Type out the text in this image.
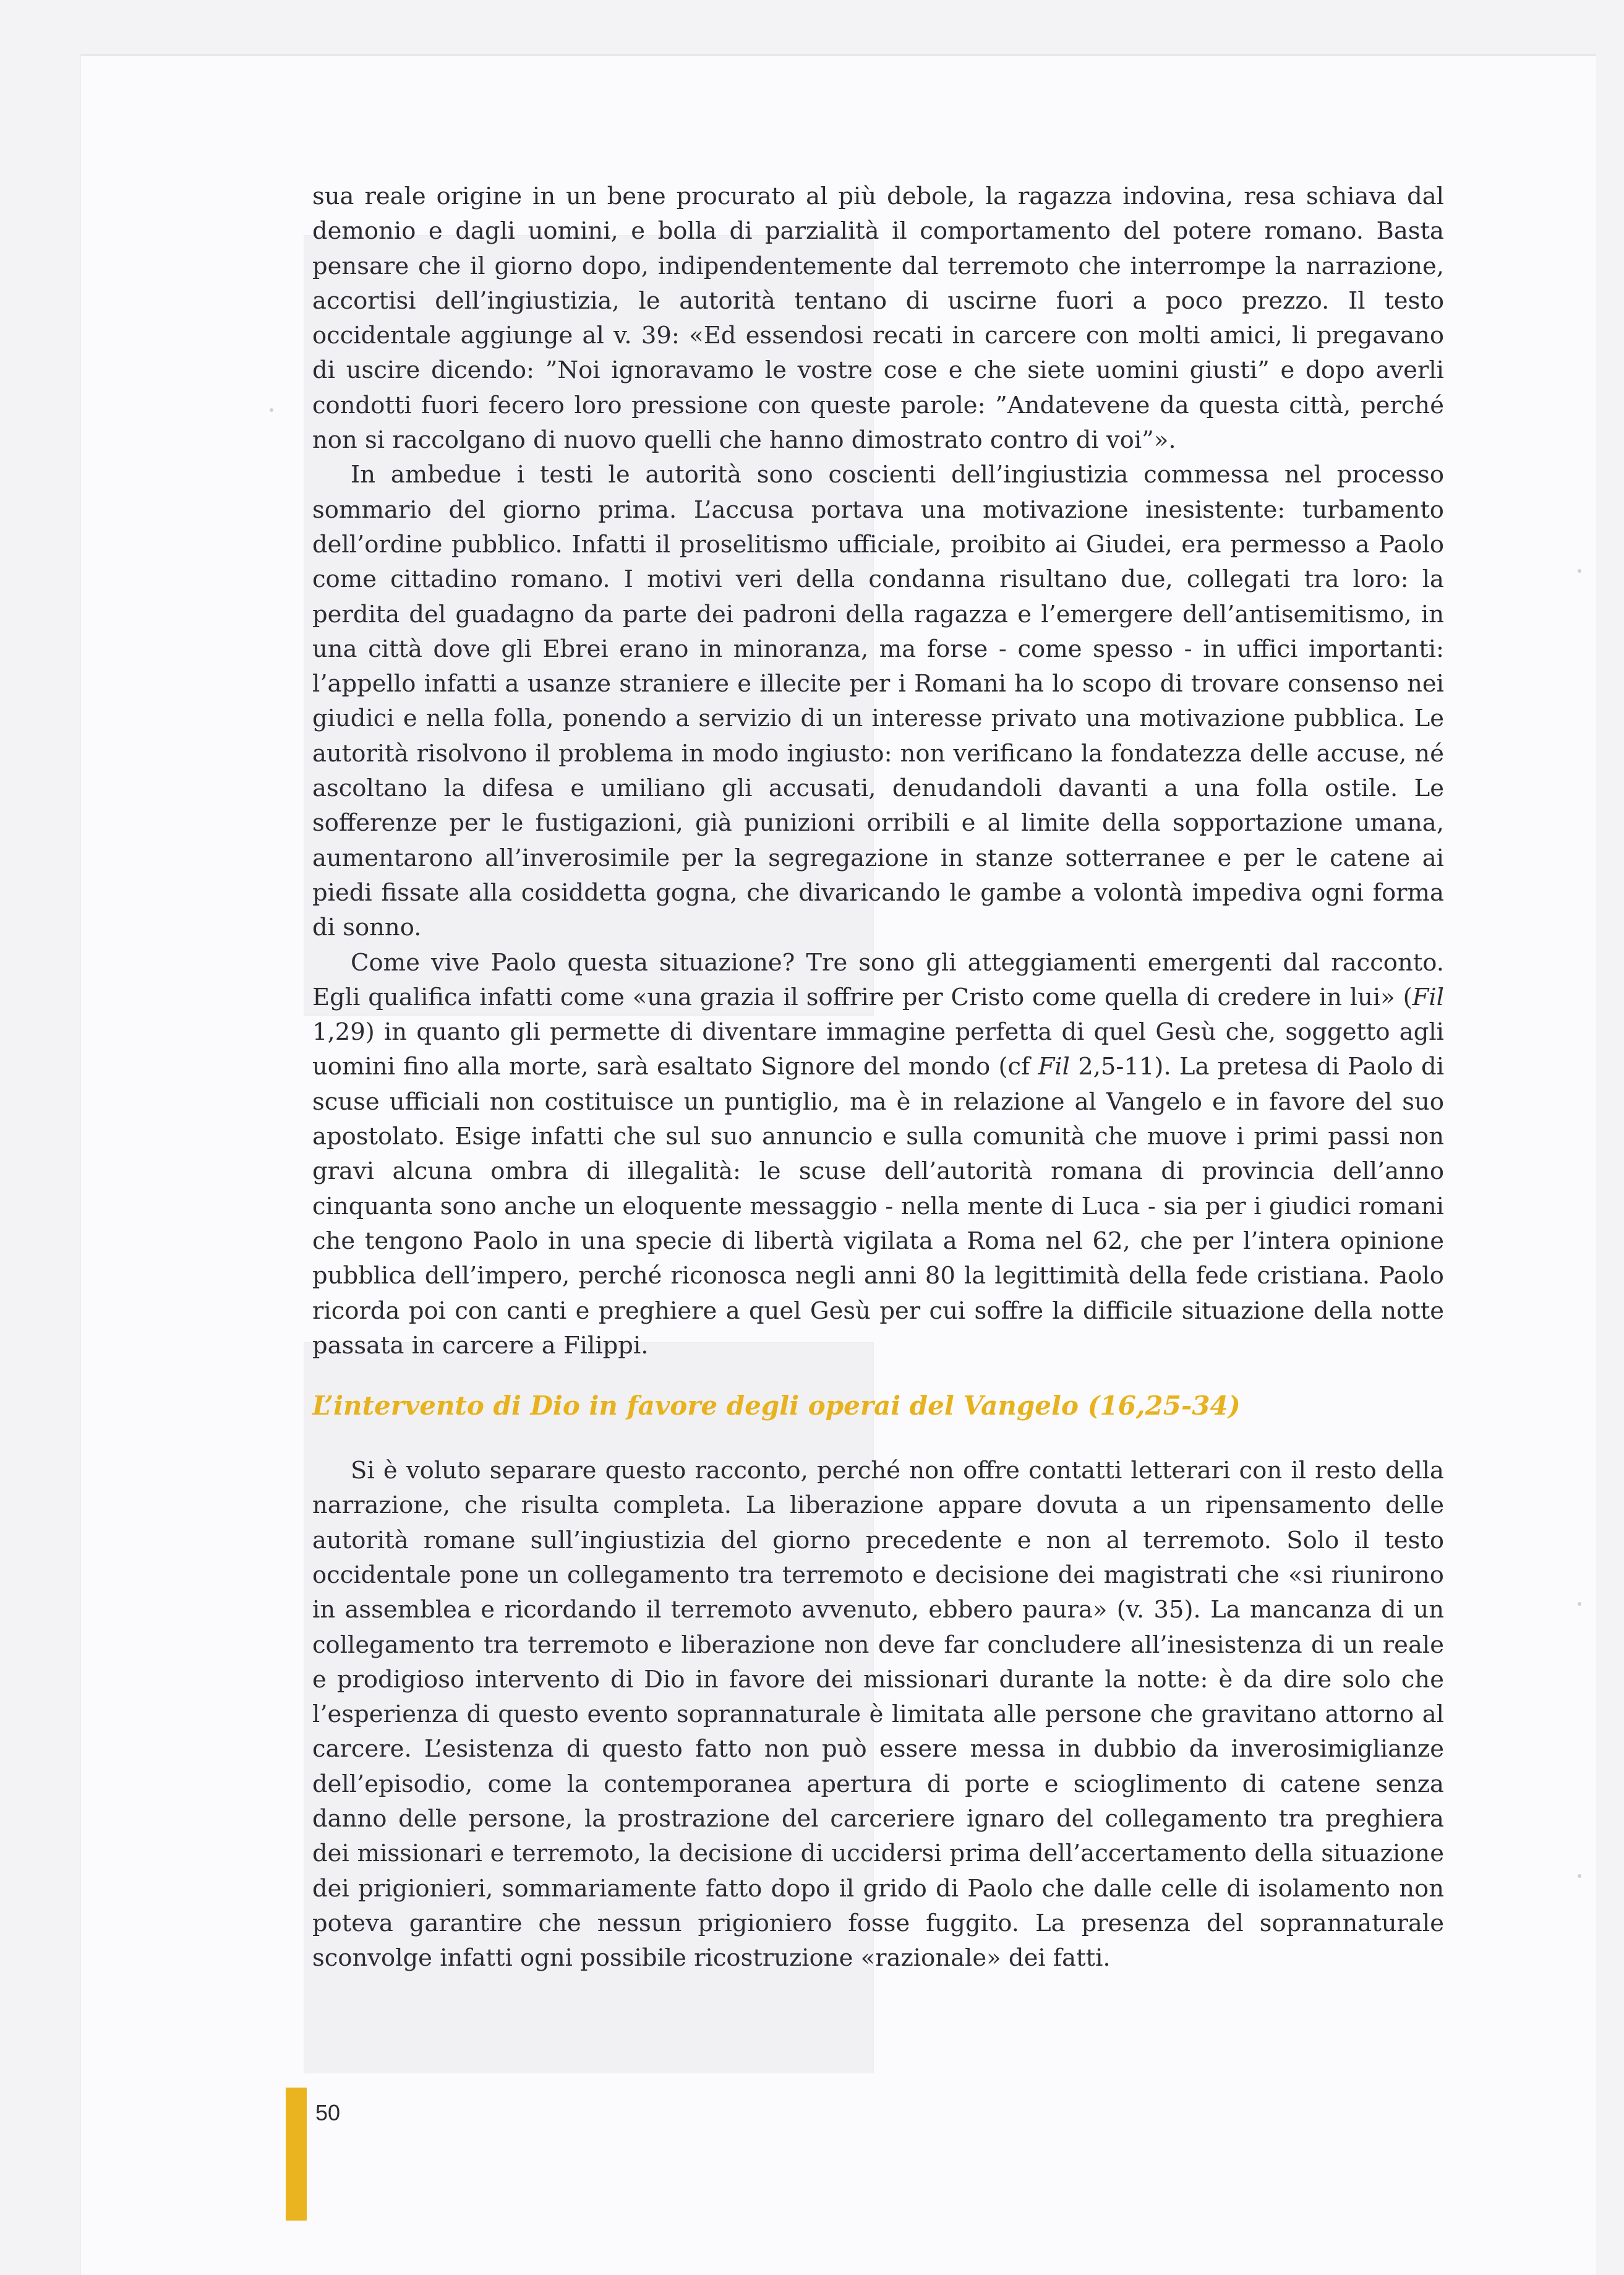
sua reale origine in un bene procurato al più debole, la ragazza indovina, resa schiava dal demonio e dagli uomini, e bolla di parzialità il comportamento del potere romano. Basta pensare che il giorno dopo, indipendentemente dal terremoto che interrompe la narrazione, accortisi dell’ingiustizia, le autorità tentano di uscirne fuori a poco prezzo. Il testo occidentale aggiunge al v. 39: «Ed essendosi recati in carcere con molti amici, li pregavano di uscire dicendo: ”Noi ignoravamo le vostre cose e che siete uomini giusti” e dopo averli condotti fuori fecero loro pressione con queste parole: ”Andatevene da questa città, perché non si raccolgano di nuovo quelli che hanno dimostrato contro di voi”».

In ambedue i testi le autorità sono coscienti dell’ingiustizia commessa nel processo sommario del giorno prima. L’accusa portava una motivazione inesistente: turbamento dell’ordine pubblico. Infatti il proselitismo ufficiale, proibito ai Giudei, era permesso a Paolo come cittadino romano. I motivi veri della condanna risultano due, collegati tra loro: la perdita del guadagno da parte dei padroni della ragazza e l’emergere dell’antisemitismo, in una città dove gli Ebrei erano in minoranza, ma forse - come spesso - in uffici importanti: l’appello infatti a usanze straniere e illecite per i Romani ha lo scopo di trovare consenso nei giudici e nella folla, ponendo a servizio di un interesse privato una motivazione pubblica. Le autorità risolvono il problema in modo ingiusto: non verificano la fondatezza delle accuse, né ascoltano la difesa e umiliano gli accusati, denudandoli davanti a una folla ostile. Le sofferenze per le fustigazioni, già punizioni orribili e al limite della sopportazione umana, aumentarono all’inverosimile per la segregazione in stanze sotterranee e per le catene ai piedi fissate alla cosiddetta gogna, che divaricando le gambe a volontà impediva ogni forma di sonno.

Come vive Paolo questa situazione? Tre sono gli atteggiamenti emergenti dal racconto. Egli qualifica infatti come «una grazia il soffrire per Cristo come quella di credere in lui» (Fil 1,29) in quanto gli permette di diventare immagine perfetta di quel Gesù che, soggetto agli uomini fino alla morte, sarà esaltato Signore del mondo (cf Fil 2,5-11). La pretesa di Paolo di scuse ufficiali non costituisce un puntiglio, ma è in relazione al Vangelo e in favore del suo apostolato. Esige infatti che sul suo annuncio e sulla comunità che muove i primi passi non gravi alcuna ombra di illegalità: le scuse dell’autorità romana di provincia dell’anno cinquanta sono anche un eloquente messaggio - nella mente di Luca - sia per i giudici romani che tengono Paolo in una specie di libertà vigilata a Roma nel 62, che per l’intera opinione pubblica dell’impero, perché riconosca negli anni 80 la legittimità della fede cristiana. Paolo ricorda poi con canti e preghiere a quel Gesù per cui soffre la difficile situazione della notte passata in carcere a Filippi.

L’intervento di Dio in favore degli operai del Vangelo (16,25-34)

Si è voluto separare questo racconto, perché non offre contatti letterari con il resto della narrazione, che risulta completa. La liberazione appare dovuta a un ripensamento delle autorità romane sull’ingiustizia del giorno precedente e non al terremoto. Solo il testo occidentale pone un collegamento tra terremoto e decisione dei magistrati che «si riunirono in assemblea e ricordando il terremoto avvenuto, ebbero paura» (v. 35). La mancanza di un collegamento tra terremoto e liberazione non deve far concludere all’inesistenza di un reale e prodigioso intervento di Dio in favore dei missionari durante la notte: è da dire solo che l’esperienza di questo evento soprannaturale è limitata alle persone che gravitano attorno al carcere. L’esistenza di questo fatto non può essere messa in dubbio da inverosimiglianze dell’episodio, come la contemporanea apertura di porte e scioglimento di catene senza danno delle persone, la prostrazione del carceriere ignaro del collegamento tra preghiera dei missionari e terremoto, la decisione di uccidersi prima dell’accertamento della situazione dei prigionieri, sommariamente fatto dopo il grido di Paolo che dalle celle di isolamento non poteva garantire che nessun prigioniero fosse fuggito. La presenza del soprannaturale sconvolge infatti ogni possibile ricostruzione «razionale» dei fatti.

50
